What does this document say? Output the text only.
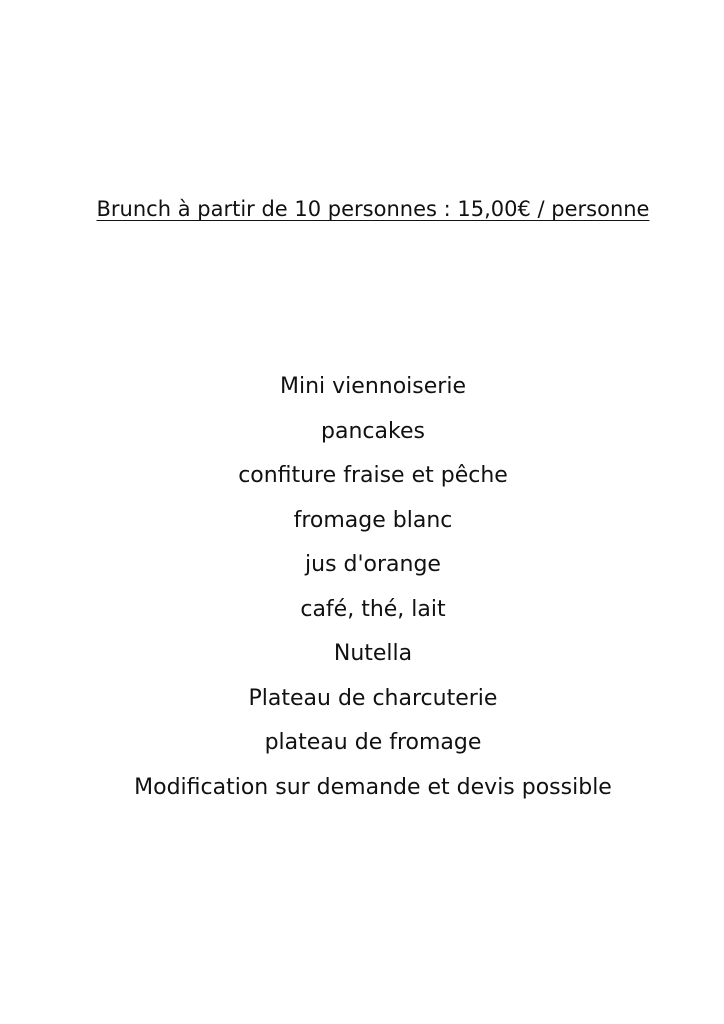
Brunch à partir de 10 personnes : 15,00€ / personne
Mini viennoiserie
pancakes
confiture fraise et pêche
fromage blanc
jus d'orange
café, thé, lait
Nutella
Plateau de charcuterie
plateau de fromage
Modification sur demande et devis possible
